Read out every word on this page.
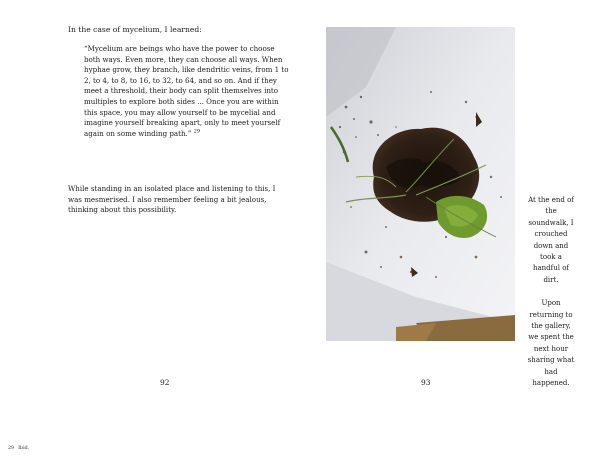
In the case of mycelium, I learned:

“Mycelium are beings who have the power to choose both ways. Even more, they can choose all ways. When hyphae grow, they branch, like dendritic veins, from 1 to 2, to 4, to 8, to 16, to 32, to 64, and so on. And if they meet a threshold, their body can split themselves into multiples to explore both sides ... Once you are within this space, you may allow yourself to be mycelial and imagine yourself breaking apart, only to meet yourself again on some winding path.” $^{29}$

While standing in an isolated place and listening to this, I was mesmerised. I also remember feeling a bit jealous, thinking about this possibility.

92

At the end of the soundwalk, I crouched down and took a handful of dirt.
Upon returning to the gallery, we spent the next hour sharing what had happened.

93

29 Ibid.
